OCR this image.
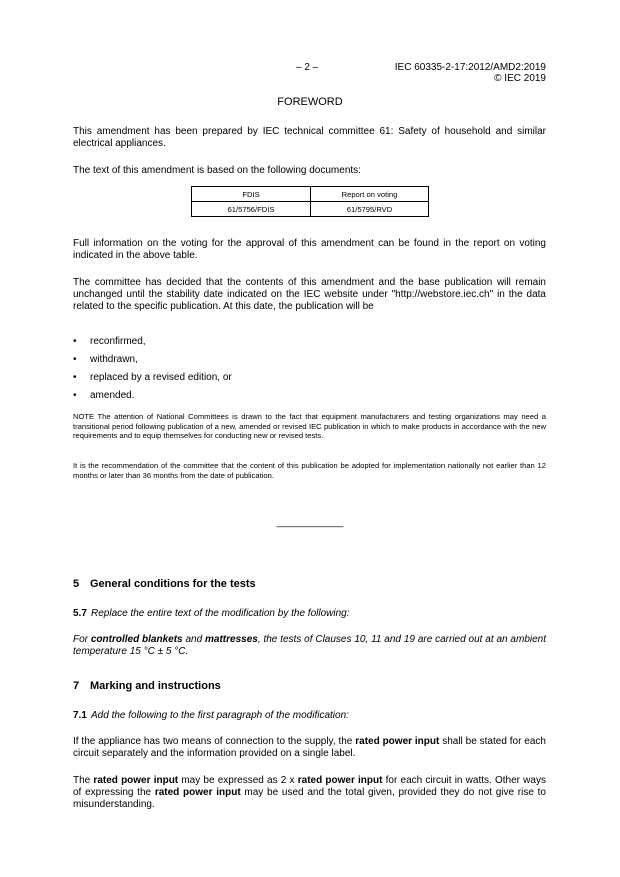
– 2 –	IEC 60335-2-17:2012/AMD2:2019
© IEC 2019
FOREWORD
This amendment has been prepared by IEC technical committee 61: Safety of household and similar electrical appliances.
The text of this amendment is based on the following documents:
FDIS	Report on voting
61/5756/FDIS	61/5795/RVD
Full information on the voting for the approval of this amendment can be found in the report on voting indicated in the above table.
The committee has decided that the contents of this amendment and the base publication will remain unchanged until the stability date indicated on the IEC website under "http://webstore.iec.ch" in the data related to the specific publication. At this date, the publication will be
• reconfirmed,
• withdrawn,
• replaced by a revised edition, or
• amended.
NOTE The attention of National Committees is drawn to the fact that equipment manufacturers and testing organizations may need a transitional period following publication of a new, amended or revised IEC publication in which to make products in accordance with the new requirements and to equip themselves for conducting new or revised tests.
It is the recommendation of the committee that the content of this publication be adopted for implementation nationally not earlier than 12 months or later than 36 months from the date of publication.
____________
5 General conditions for the tests
5.7 Replace the entire text of the modification by the following:
For controlled blankets and mattresses, the tests of Clauses 10, 11 and 19 are carried out at an ambient temperature 15 °C ± 5 °C.
7 Marking and instructions
7.1 Add the following to the first paragraph of the modification:
If the appliance has two means of connection to the supply, the rated power input shall be stated for each circuit separately and the information provided on a single label.
The rated power input may be expressed as 2 x rated power input for each circuit in watts. Other ways of expressing the rated power input may be used and the total given, provided they do not give rise to misunderstanding.
